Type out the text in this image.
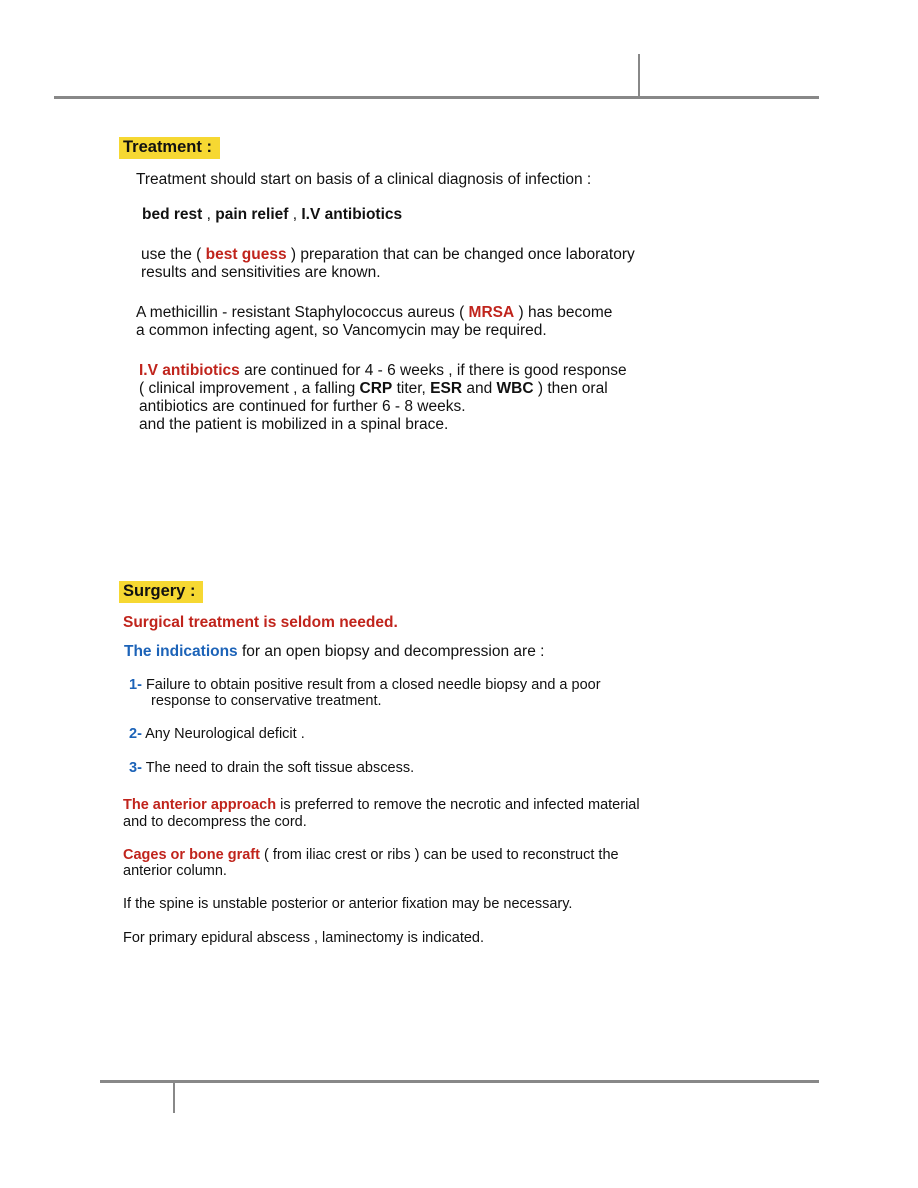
Treatment :
Treatment should start on basis of a clinical diagnosis of infection :
bed rest , pain relief , I.V antibiotics
use the ( best guess ) preparation that can be changed once laboratory
results and sensitivities are known.
A methicillin - resistant Staphylococcus aureus ( MRSA ) has become
a common infecting agent, so Vancomycin may be required.
I.V antibiotics are continued for 4 - 6 weeks , if there is good response
( clinical improvement , a falling CRP titer, ESR and WBC ) then oral
antibiotics are continued for further 6 - 8 weeks.
and the patient is mobilized in a spinal brace.
Surgery :
Surgical treatment is seldom needed.
The indications for an open biopsy and decompression are :
1- Failure to obtain positive result from a closed needle biopsy and a poor
response to conservative treatment.
2- Any Neurological deficit .
3- The need to drain the soft tissue abscess.
The anterior approach is preferred to remove the necrotic and infected material
and to decompress the cord.
Cages or bone graft ( from iliac crest or ribs ) can be used to reconstruct the
anterior column.
If the spine is unstable posterior or anterior fixation may be necessary.
For primary epidural abscess , laminectomy is indicated.
